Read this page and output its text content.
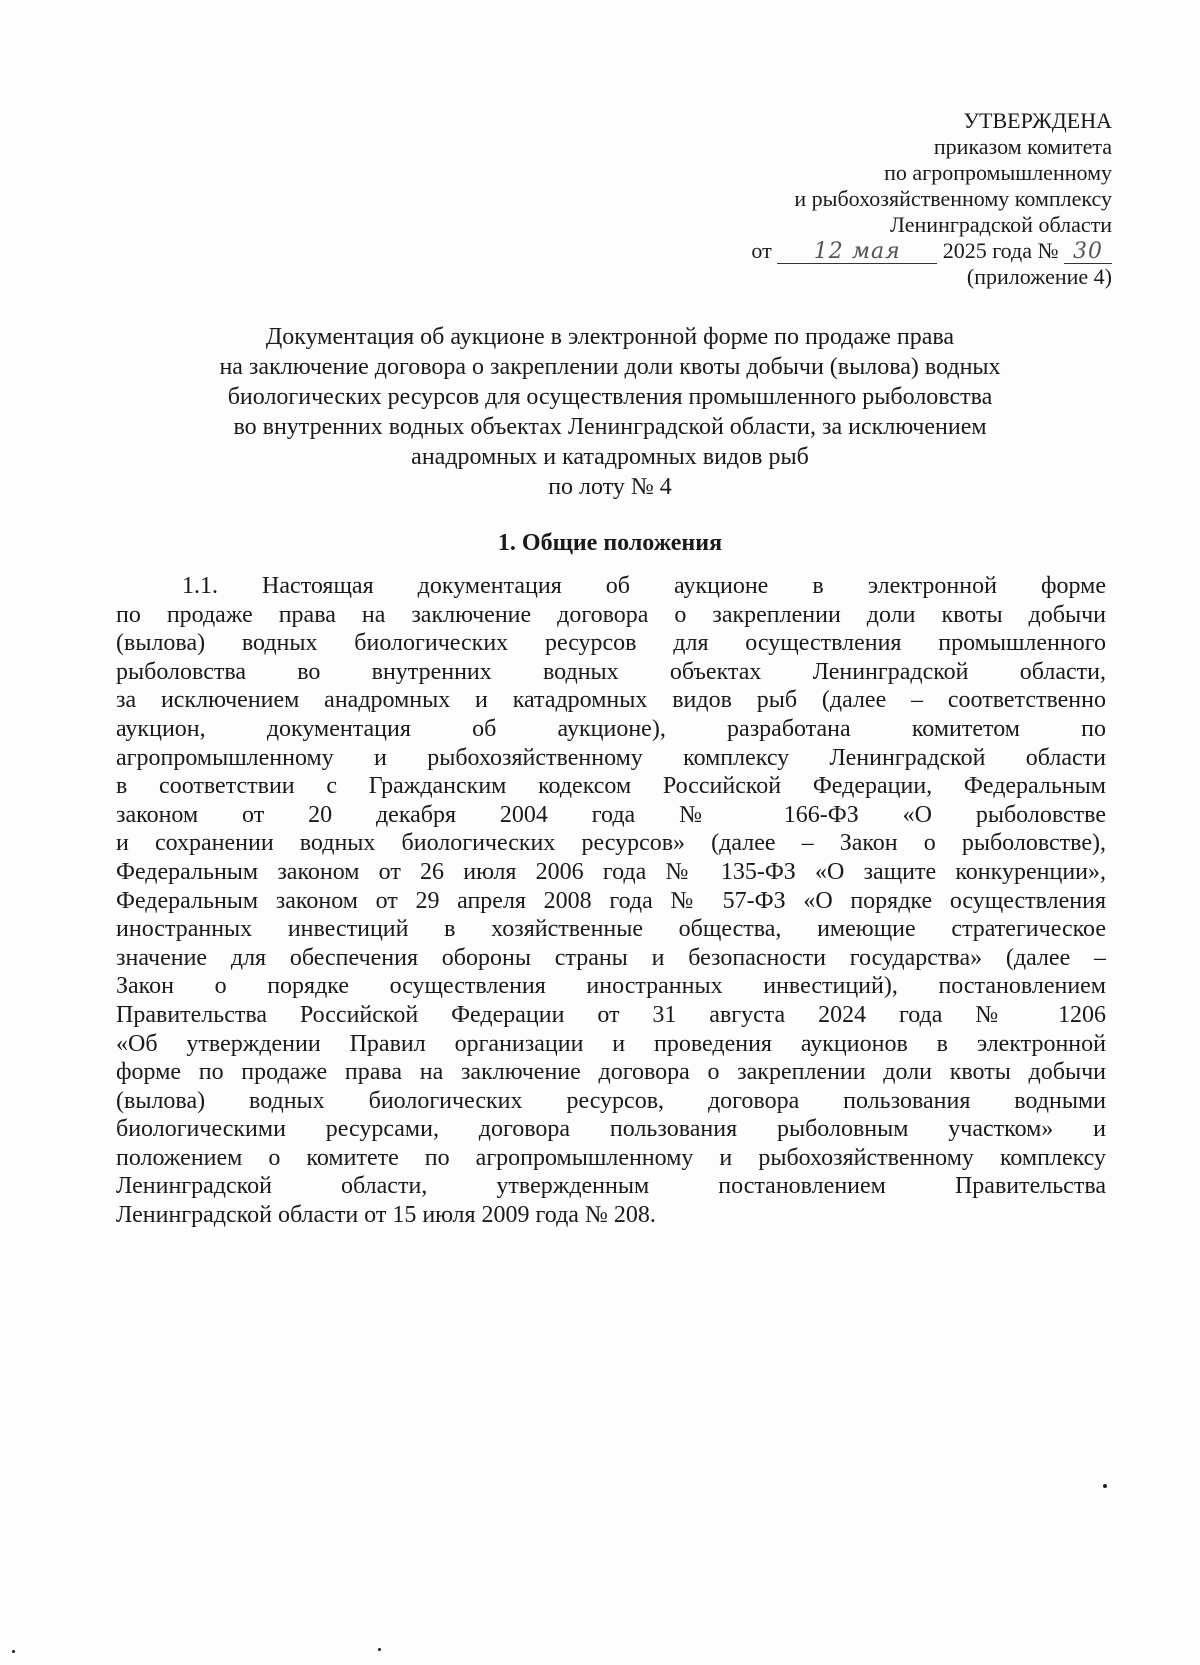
УТВЕРЖДЕНА
приказом комитета
по агропромышленному
и рыбохозяйственному комплексу
Ленинградской области
от 12 мая 2025 года № 30
(приложение 4)
Документация об аукционе в электронной форме по продаже права
на заключение договора о закреплении доли квоты добычи (вылова) водных
биологических ресурсов для осуществления промышленного рыболовства
во внутренних водных объектах Ленинградской области, за исключением
анадромных и катадромных видов рыб
по лоту № 4
1. Общие положения
1.1. Настоящая документация об аукционе в электронной форме
по продаже права на заключение договора о закреплении доли квоты добычи
(вылова) водных биологических ресурсов для осуществления промышленного
рыболовства во внутренних водных объектах Ленинградской области,
за исключением анадромных и катадромных видов рыб (далее – соответственно
аукцион, документация об аукционе), разработана комитетом по
агропромышленному и рыбохозяйственному комплексу Ленинградской области
в соответствии с Гражданским кодексом Российской Федерации, Федеральным
законом от 20 декабря 2004 года № 166-ФЗ «О рыболовстве
и сохранении водных биологических ресурсов» (далее – Закон о рыболовстве),
Федеральным законом от 26 июля 2006 года № 135-ФЗ «О защите конкуренции»,
Федеральным законом от 29 апреля 2008 года № 57-ФЗ «О порядке осуществления
иностранных инвестиций в хозяйственные общества, имеющие стратегическое
значение для обеспечения обороны страны и безопасности государства» (далее –
Закон о порядке осуществления иностранных инвестиций), постановлением
Правительства Российской Федерации от 31 августа 2024 года № 1206
«Об утверждении Правил организации и проведения аукционов в электронной
форме по продаже права на заключение договора о закреплении доли квоты добычи
(вылова) водных биологических ресурсов, договора пользования водными
биологическими ресурсами, договора пользования рыболовным участком» и
положением о комитете по агропромышленному и рыбохозяйственному комплексу
Ленинградской области, утвержденным постановлением Правительства
Ленинградской области от 15 июля 2009 года № 208.
